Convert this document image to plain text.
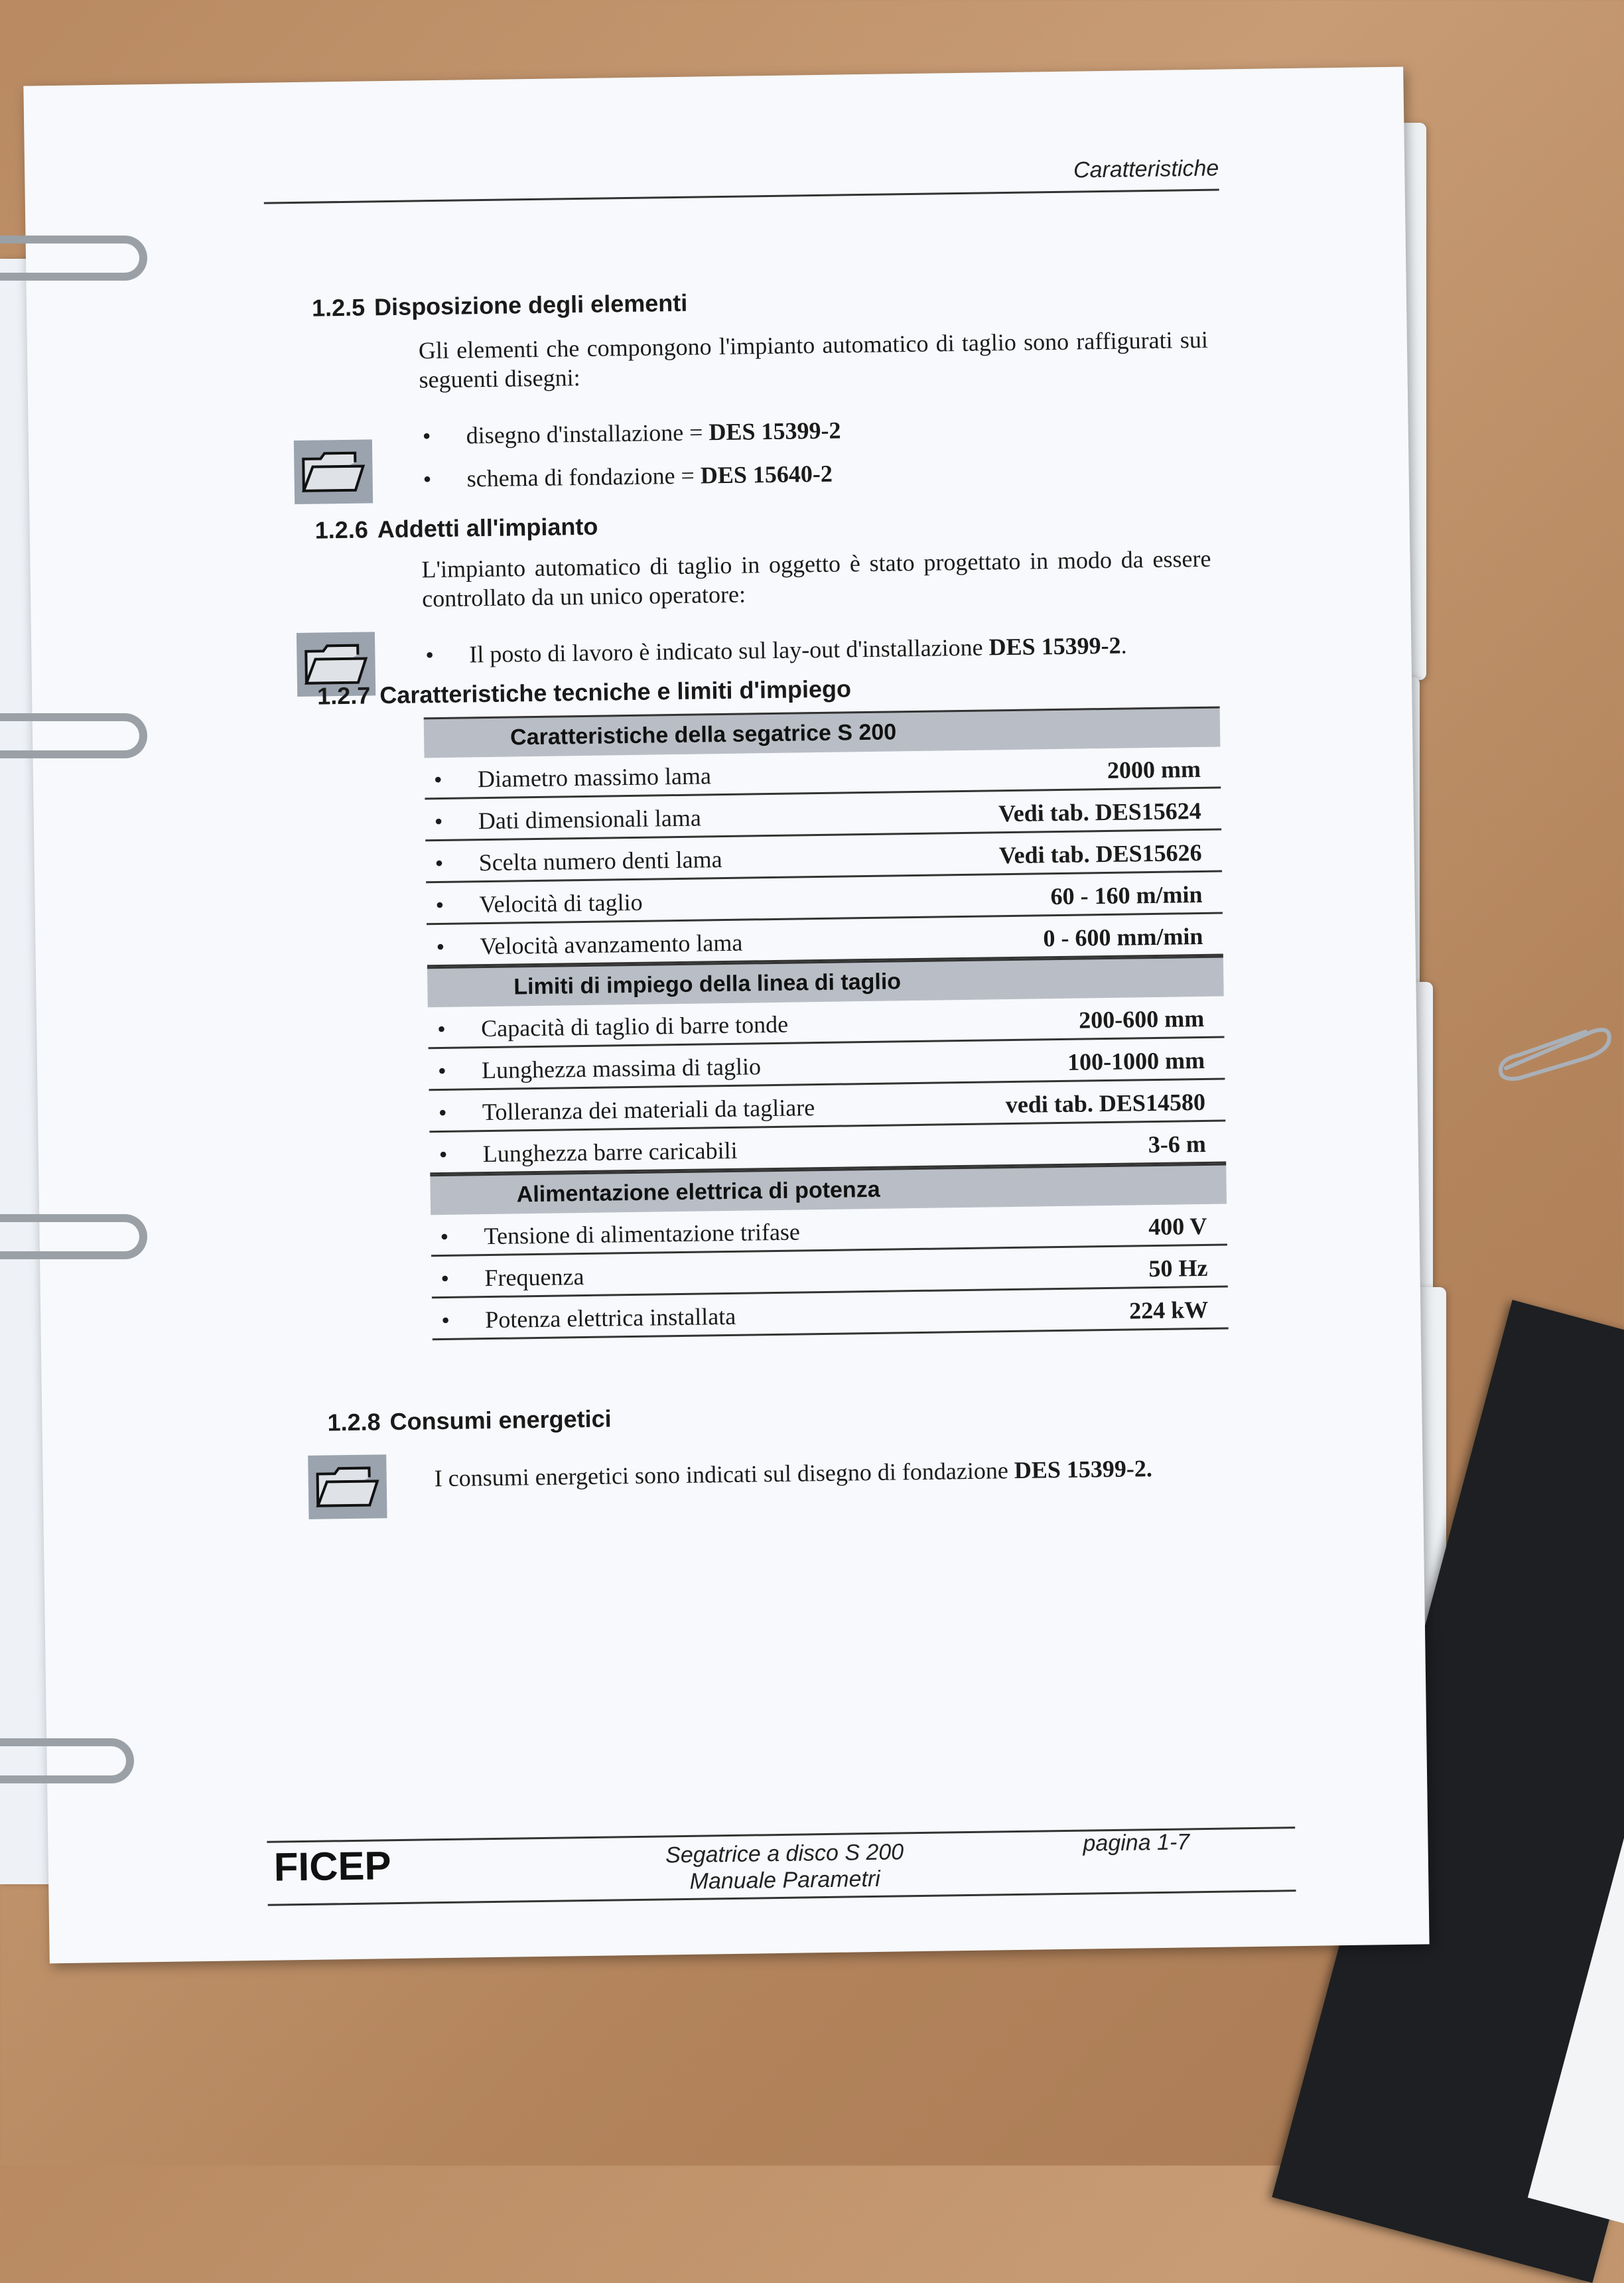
Caratteristiche
1.2.5 Disposizione degli elementi
Gli elementi che compongono l'impianto automatico di taglio sono raffigurati sui seguenti disegni:
• disegno d'installazione = DES 15399-2
• schema di fondazione = DES 15640-2
1.2.6 Addetti all'impianto
L'impianto automatico di taglio in oggetto è stato progettato in modo da essere controllato da un unico operatore:
• Il posto di lavoro è indicato sul lay-out d'installazione DES 15399-2.
1.2.7 Caratteristiche tecniche e limiti d'impiego
Caratteristiche della segatrice S 200
• Diametro massimo lama	2000 mm
• Dati dimensionali lama	Vedi tab. DES15624
• Scelta numero denti lama	Vedi tab. DES15626
• Velocità di taglio	60 - 160 m/min
• Velocità avanzamento lama	0 - 600 mm/min
Limiti di impiego della linea di taglio
• Capacità di taglio di barre tonde	200-600 mm
• Lunghezza massima di taglio	100-1000 mm
• Tolleranza dei materiali da tagliare	vedi tab. DES14580
• Lunghezza barre caricabili	3-6 m
Alimentazione elettrica di potenza
• Tensione di alimentazione trifase	400 V
• Frequenza	50 Hz
• Potenza elettrica installata	224 kW
1.2.8 Consumi energetici
I consumi energetici sono indicati sul disegno di fondazione DES 15399-2.
FICEP	Segatrice a disco S 200
Manuale Parametri
pagina 1-7
